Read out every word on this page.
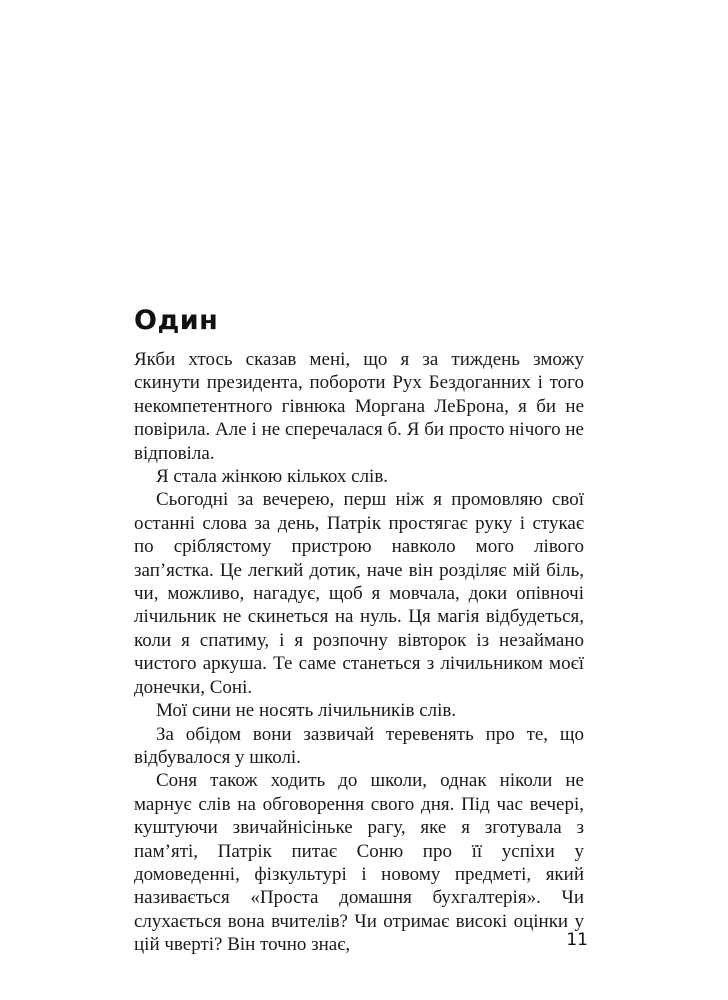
Один

Якби хтось сказав мені, що я за тиждень зможу скинути президента, побороти Рух Бездоганних і того некомпетентного гівнюка Моргана ЛеБрона, я би не повірила. Але і не сперечалася б. Я би просто нічого не відповіла.

Я стала жінкою кількох слів.

Сьогодні за вечерею, перш ніж я промовляю свої останні слова за день, Патрік простягає руку і стукає по сріблястому пристрою навколо мого лівого зап’ястка. Це легкий дотик, наче він розділяє мій біль, чи, можливо, нагадує, щоб я мовчала, доки опівночі лічильник не скинеться на нуль. Ця магія відбудеться, коли я спатиму, і я розпочну вівторок із незаймано чистого аркуша. Те саме станеться з лічильником моєї донечки, Соні.

Мої сини не носять лічильників слів.

За обідом вони зазвичай теревенять про те, що відбувалося у школі.

Соня також ходить до школи, однак ніколи не марнує слів на обговорення свого дня. Під час вечері, куштуючи звичайнісіньке рагу, яке я зготувала з пам’яті, Патрік питає Соню про її успіхи у домоведенні, фізкультурі і новому предметі, який називається «Проста домашня бухгалтерія». Чи слухається вона вчителів? Чи отримає високі оцінки у цій чверті? Він точно знає,	11
